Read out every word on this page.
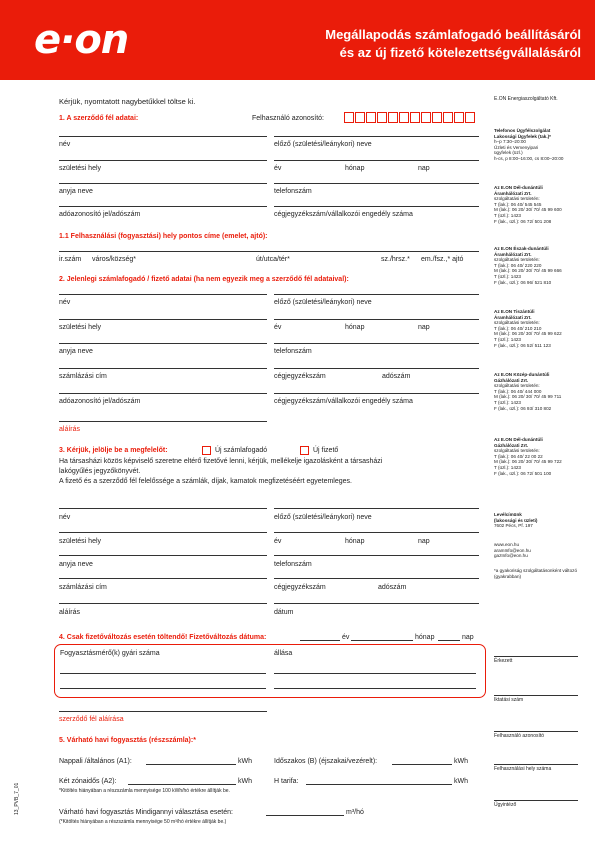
e·on	Megállapodás számlafogadó beállításáról
és az új fizető kötelezettségvállalásáról
Kérjük, nyomtatott nagybetűkkel töltse ki.
1. A szerződő fél adatai:	Felhasználó azonosító:
név	előző (születési/leánykori) neve
születési hely	év	hónap	nap
anyja neve	telefonszám
adóazonosító jel/adószám	cégjegyzékszám/vállalkozói engedély száma
1.1 Felhasználási (fogyasztási) hely pontos címe (emelet, ajtó):
ir.szám város/község*	út/utca/tér*	sz./hrsz.* em./fsz.,* ajtó
2. Jelenlegi számlafogadó / fizető adatai (ha nem egyezik meg a szerződő fél adataival):
név	előző (születési/leánykori) neve
születési hely	év	hónap	nap
anyja neve	telefonszám
számlázási cím	cégjegyzékszám	adószám
adóazonosító jel/adószám	cégjegyzékszám/vállalkozói engedély száma
aláírás
3. Kérjük, jelölje be a megfelelőt:	Új számlafogadó	Új fizető
Ha társasházi közös képviselő szeretne eltérő fizetővé lenni, kérjük, mellékelje igazolásként a társasházi
lakógyűlés jegyzőkönyvét.
A fizető és a szerződő fél felelőssége a számlák, díjak, kamatok megfizetéséért egyetemleges.
név	előző (születési/leánykori) neve
születési hely	év	hónap	nap
anyja neve	telefonszám
számlázási cím	cégjegyzékszám	adószám
aláírás	dátum
4. Csak fizetőváltozás esetén töltendő! Fizetőváltozás dátuma:	év	hónap	nap
Fogyasztásmérő(k) gyári száma	állása
szerződő fél aláírása
5. Várható havi fogyasztás (részszámla):*
Nappali /általános (A1):	kWh	Időszakos (B) (éjszakai/vezérelt):	kWh
Két zónaidős (A2):	kWh	H tarifa:	kWh
*Kitöltés hiányában a részszámla mennyisége 100 kWh/hó értékre állítják be.
Várható havi fogyasztás Mindigannyi választása esetén:	m³/hó
(*Kitöltés hiányában a részszámla mennyisége 50 m³/hó értékre állítják be.)
13_PVB_7_01
E.ON Energiaszolgáltató Kft.
Telefonos Ügyfélszolgálat
Lakossági Ügyfelek (tak.)*
h–p 7:30–20:00
Üzleti és Vemenyipari
ügyfelek (üzl.)
h-cs, p 8:00–16:00, cs 8:00–20:00
Az E.ON Dél-dunántúli
Áramhálózati Zrt.
szolgáltatási területén:
T (lak.): 06 40/ 545 545
M (lak.): 06 20/ 30/ 70/ 45 99 600
T (üzl.): 1423
F (lak., üzl.): 06 72/ 501 208
Az E.ON Észak-dunántúli
Áramhálózati Zrt.
szolgáltatási területén:
T (lak.): 06 40/ 220 220
M (lak.): 06 20/ 30/ 70/ 45 99 666
T (üzl.): 1423
F (lak., üzl.): 06 96/ 521 810
Az E.ON Tiszántúli
Áramhálózati Zrt.
szolgáltatási területén:
T (lak.): 06 40/ 210 210
M (lak.): 06 20/ 30/ 70/ 45 99 622
T (üzl.): 1423
F (lak., üzl.): 06 52/ 511 123
Az E.ON Közép-dunántúli
Gázhálózati Zrt.
szolgáltatási területén:
T (lak.): 06 40/ 444 000
M (lak.): 06 20/ 30/ 70/ 45 99 711
T (üzl.): 1423
F (lak., üzl.): 06 93/ 310 802
Az E.ON Dél-dunántúli
Gázhálózati Zrt.
szolgáltatási területén:
T (lak.): 06 40/ 22 00 22
M (lak.): 06 20/ 30/ 70/ 45 99 722
T (üzl.): 1423
F (lak., üzl.): 06 72/ 501 100
Levélcímünk
(lakossági és üzleti)
7602 Pécs, Pf. 197
www.eon.hu
aramInfo@eon.hu
gazInfo@eon.hu
*a gyakoriság szolgáltatásonként változó
(gyakrabban)
Érkezett
Iktatási szám
Felhasználó azonosító
Felhasználási hely száma
Ügyintéző
